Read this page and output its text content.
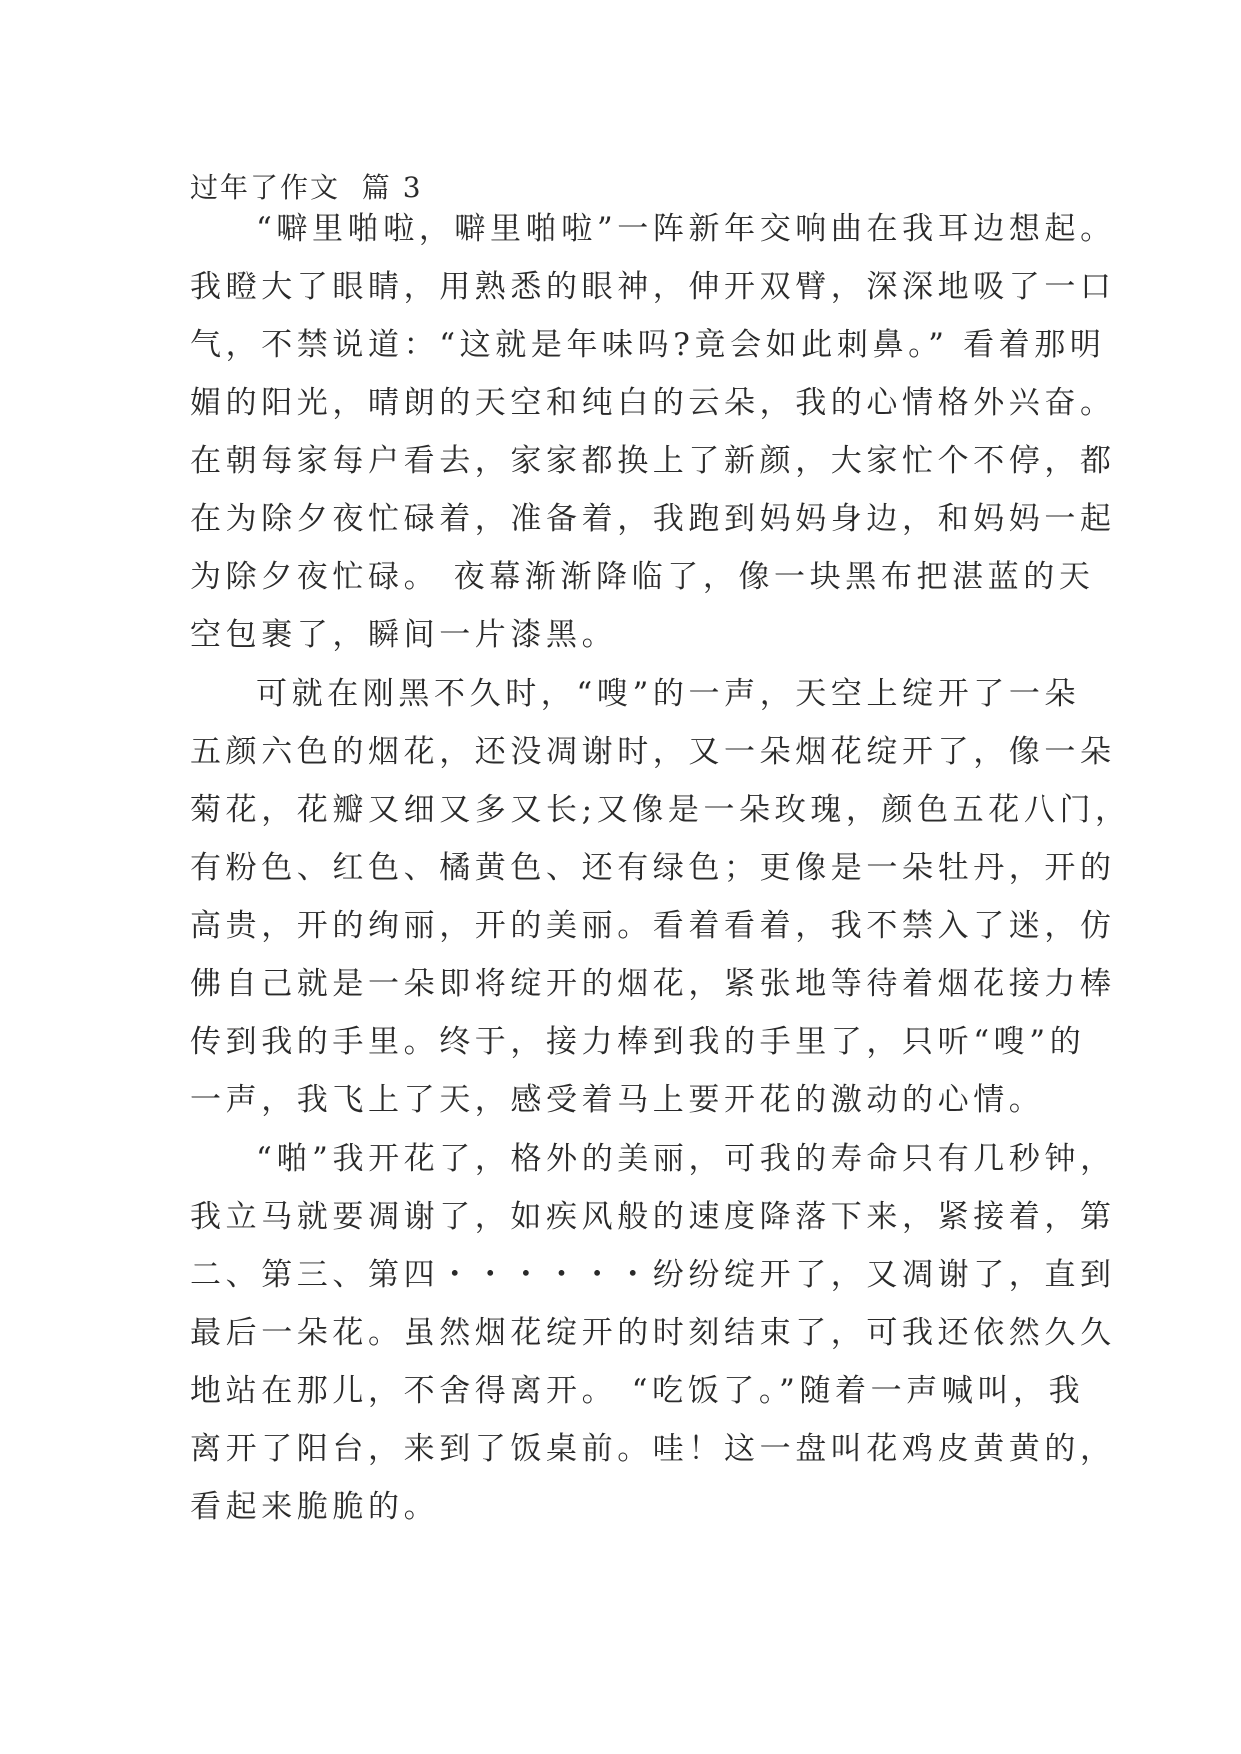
过年了作文  篇 3
“噼里啪啦，噼里啪啦”一阵新年交响曲在我耳边想起。
我瞪大了眼睛，用熟悉的眼神，伸开双臂，深深地吸了一口
气，不禁说道：“这就是年味吗?竟会如此刺鼻。” 看着那明
媚的阳光，晴朗的天空和纯白的云朵，我的心情格外兴奋。
在朝每家每户看去，家家都换上了新颜，大家忙个不停，都
在为除夕夜忙碌着，准备着，我跑到妈妈身边，和妈妈一起
为除夕夜忙碌。 夜幕渐渐降临了，像一块黑布把湛蓝的天
空包裹了，瞬间一片漆黑。
可就在刚黑不久时，“嗖”的一声，天空上绽开了一朵
五颜六色的烟花，还没凋谢时，又一朵烟花绽开了，像一朵
菊花，花瓣又细又多又长;又像是一朵玫瑰，颜色五花八门，
有粉色、红色、橘黄色、还有绿色；更像是一朵牡丹，开的
高贵，开的绚丽，开的美丽。看着看着，我不禁入了迷，仿
佛自己就是一朵即将绽开的烟花，紧张地等待着烟花接力棒
传到我的手里。终于，接力棒到我的手里了，只听“嗖”的
一声，我飞上了天，感受着马上要开花的激动的心情。
“啪”我开花了，格外的美丽，可我的寿命只有几秒钟，
我立马就要凋谢了，如疾风般的速度降落下来，紧接着，第
二、第三、第四・・・・・・纷纷绽开了，又凋谢了，直到
最后一朵花。虽然烟花绽开的时刻结束了，可我还依然久久
地站在那儿，不舍得离开。 “吃饭了。”随着一声喊叫，我
离开了阳台，来到了饭桌前。哇！这一盘叫花鸡皮黄黄的，
看起来脆脆的。
